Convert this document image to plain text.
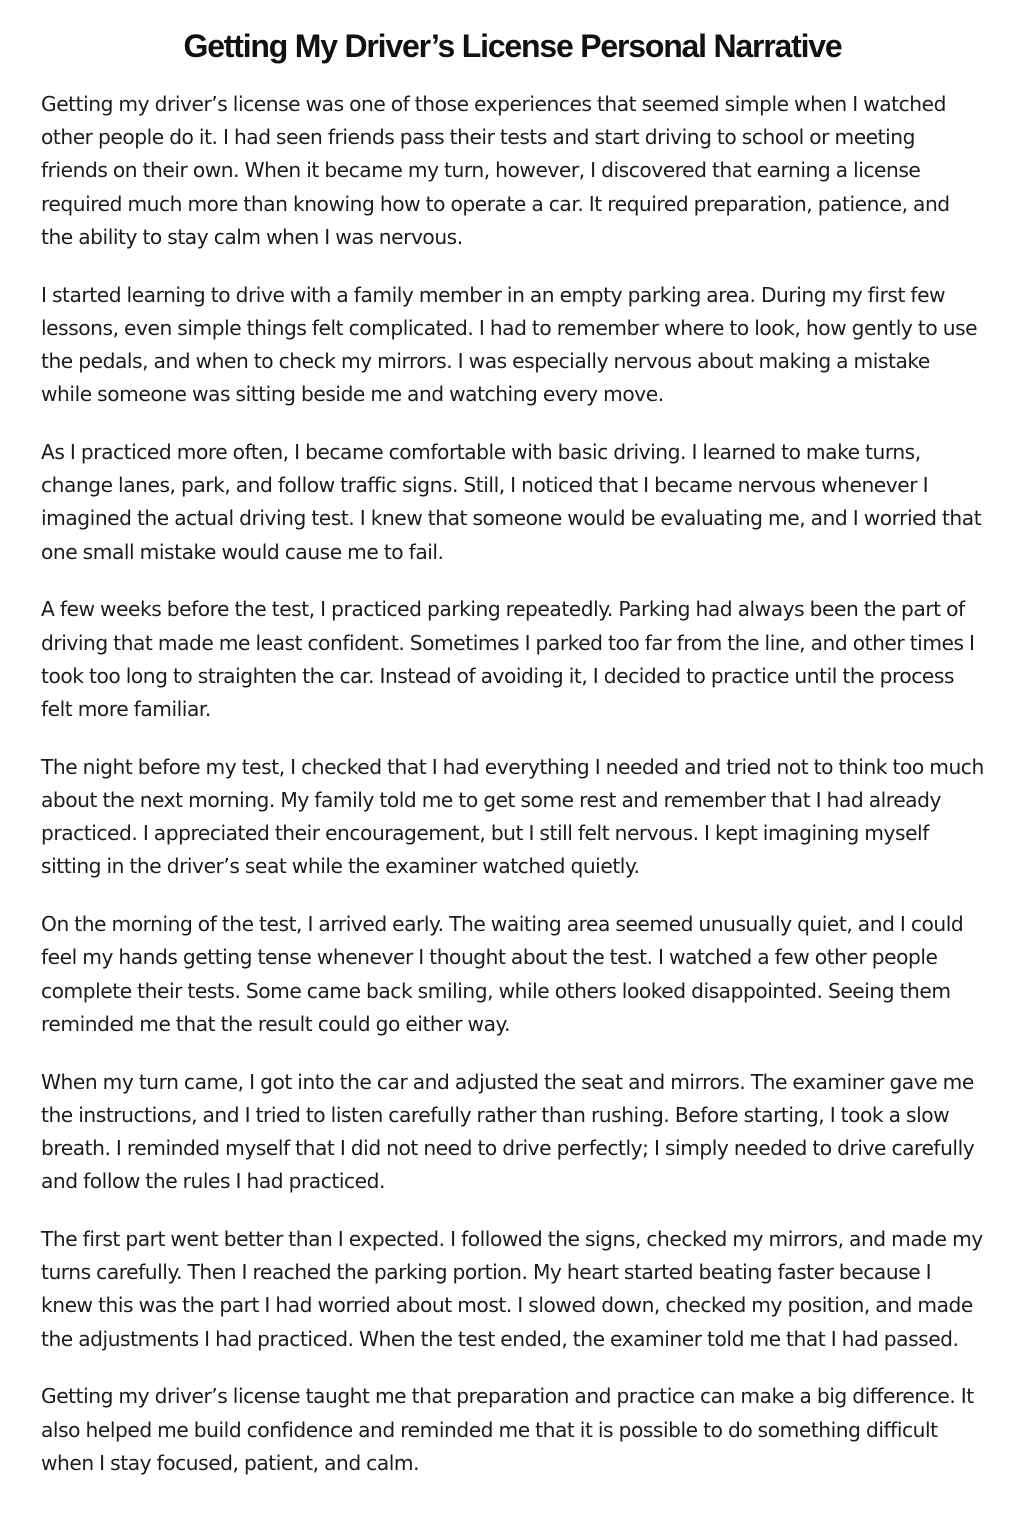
Getting My Driver’s License Personal Narrative

Getting my driver’s license was one of those experiences that seemed simple when I watched other people do it. I had seen friends pass their tests and start driving to school or meeting friends on their own. When it became my turn, however, I discovered that earning a license required much more than knowing how to operate a car. It required preparation, patience, and the ability to stay calm when I was nervous.

I started learning to drive with a family member in an empty parking area. During my first few lessons, even simple things felt complicated. I had to remember where to look, how gently to use the pedals, and when to check my mirrors. I was especially nervous about making a mistake while someone was sitting beside me and watching every move.

As I practiced more often, I became comfortable with basic driving. I learned to make turns, change lanes, park, and follow traffic signs. Still, I noticed that I became nervous whenever I imagined the actual driving test. I knew that someone would be evaluating me, and I worried that one small mistake would cause me to fail.

A few weeks before the test, I practiced parking repeatedly. Parking had always been the part of driving that made me least confident. Sometimes I parked too far from the line, and other times I took too long to straighten the car. Instead of avoiding it, I decided to practice until the process felt more familiar.

The night before my test, I checked that I had everything I needed and tried not to think too much about the next morning. My family told me to get some rest and remember that I had already practiced. I appreciated their encouragement, but I still felt nervous. I kept imagining myself sitting in the driver’s seat while the examiner watched quietly.

On the morning of the test, I arrived early. The waiting area seemed unusually quiet, and I could feel my hands getting tense whenever I thought about the test. I watched a few other people complete their tests. Some came back smiling, while others looked disappointed. Seeing them reminded me that the result could go either way.

When my turn came, I got into the car and adjusted the seat and mirrors. The examiner gave me the instructions, and I tried to listen carefully rather than rushing. Before starting, I took a slow breath. I reminded myself that I did not need to drive perfectly; I simply needed to drive carefully and follow the rules I had practiced.

The first part went better than I expected. I followed the signs, checked my mirrors, and made my turns carefully. Then I reached the parking portion. My heart started beating faster because I knew this was the part I had worried about most. I slowed down, checked my position, and made the adjustments I had practiced. When the test ended, the examiner told me that I had passed.

Getting my driver’s license taught me that preparation and practice can make a big difference. It also helped me build confidence and reminded me that it is possible to do something difficult when I stay focused, patient, and calm.
